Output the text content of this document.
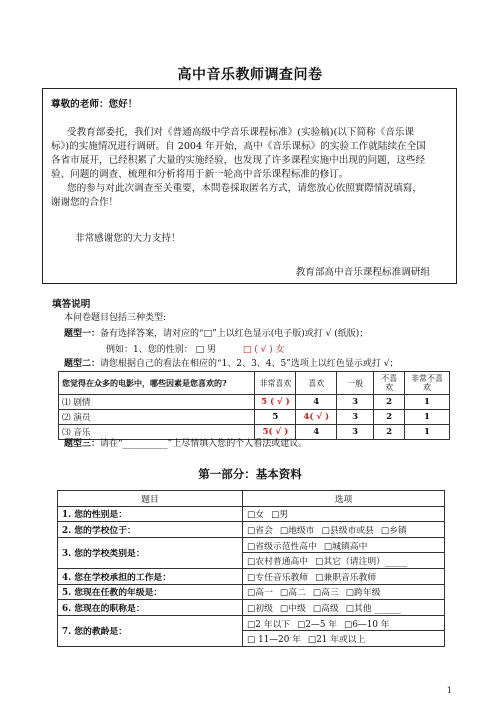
高中音乐教师调查问卷
尊敬的老师：您好！
受教育部委托，我们对《普通高级中学音乐课程标准》(实验稿)(以下简称《音乐课
标》)的实施情况进行调研。自 2004 年开始，高中《音乐课标》的实验工作就陆续在全国
各省市展开，已经积累了大量的实施经验，也发现了许多课程实施中出现的问题，这些经
验、问题的调查、梳理和分析将用于新一轮高中音乐课程标准的修订。
您的参与对此次调查至关重要，本問卷採取匿名方式，请您放心依照實際情況填寫，
谢谢您的合作！
非常感谢您的大力支持！
教育部高中音乐课程标准调研组
填答说明
本问卷题目包括三种类型:
题型一：备有选择答案，请对应的“□”上以红色显示(电子版)或打 √ (纸版)；
例如：1、您的性别： □ 男	□ ( √ ) 女
题型二：请您根据自己的看法在相应的“1、2、3、4、5”选项上以红色显示或打 √；
您觉得在众多的电影中，哪些因素是您喜欢的?	非常喜欢	喜欢	一般	不喜欢	非常不喜欢
⑴ 剧情	5 ( √ )	4	3	2	1
⑵ 演员	5	4( √ )	3	2	1
⑶ 音乐	5( √ )	4	3	2	1
题型三：请在“__________”上尽情填入您的个人看法或建议。
第一部分：基本资料
题目	选项
1. 您的性别是：	□女 □男
2. 您的学校位于：	□省会 □地级市 □县级市或县 □乡镇
3. 您的学校类别是：	□省级示范性高中 □城镇高中
	□农村普通高中 □其它（请注明）_____
4. 您在学校承担的工作是：	□专任音乐教师 □兼职音乐教师
5. 您现在任教的年级是：	□高一 □高二 □高三 □跨年级
6. 您现在的职称是：	□初级 □中级 □高级 □其他 ______
7. 您的教龄是：	□2 年以下 □2—5 年 □6—10 年
	□ 11—20 年 □21 年或以上
1
